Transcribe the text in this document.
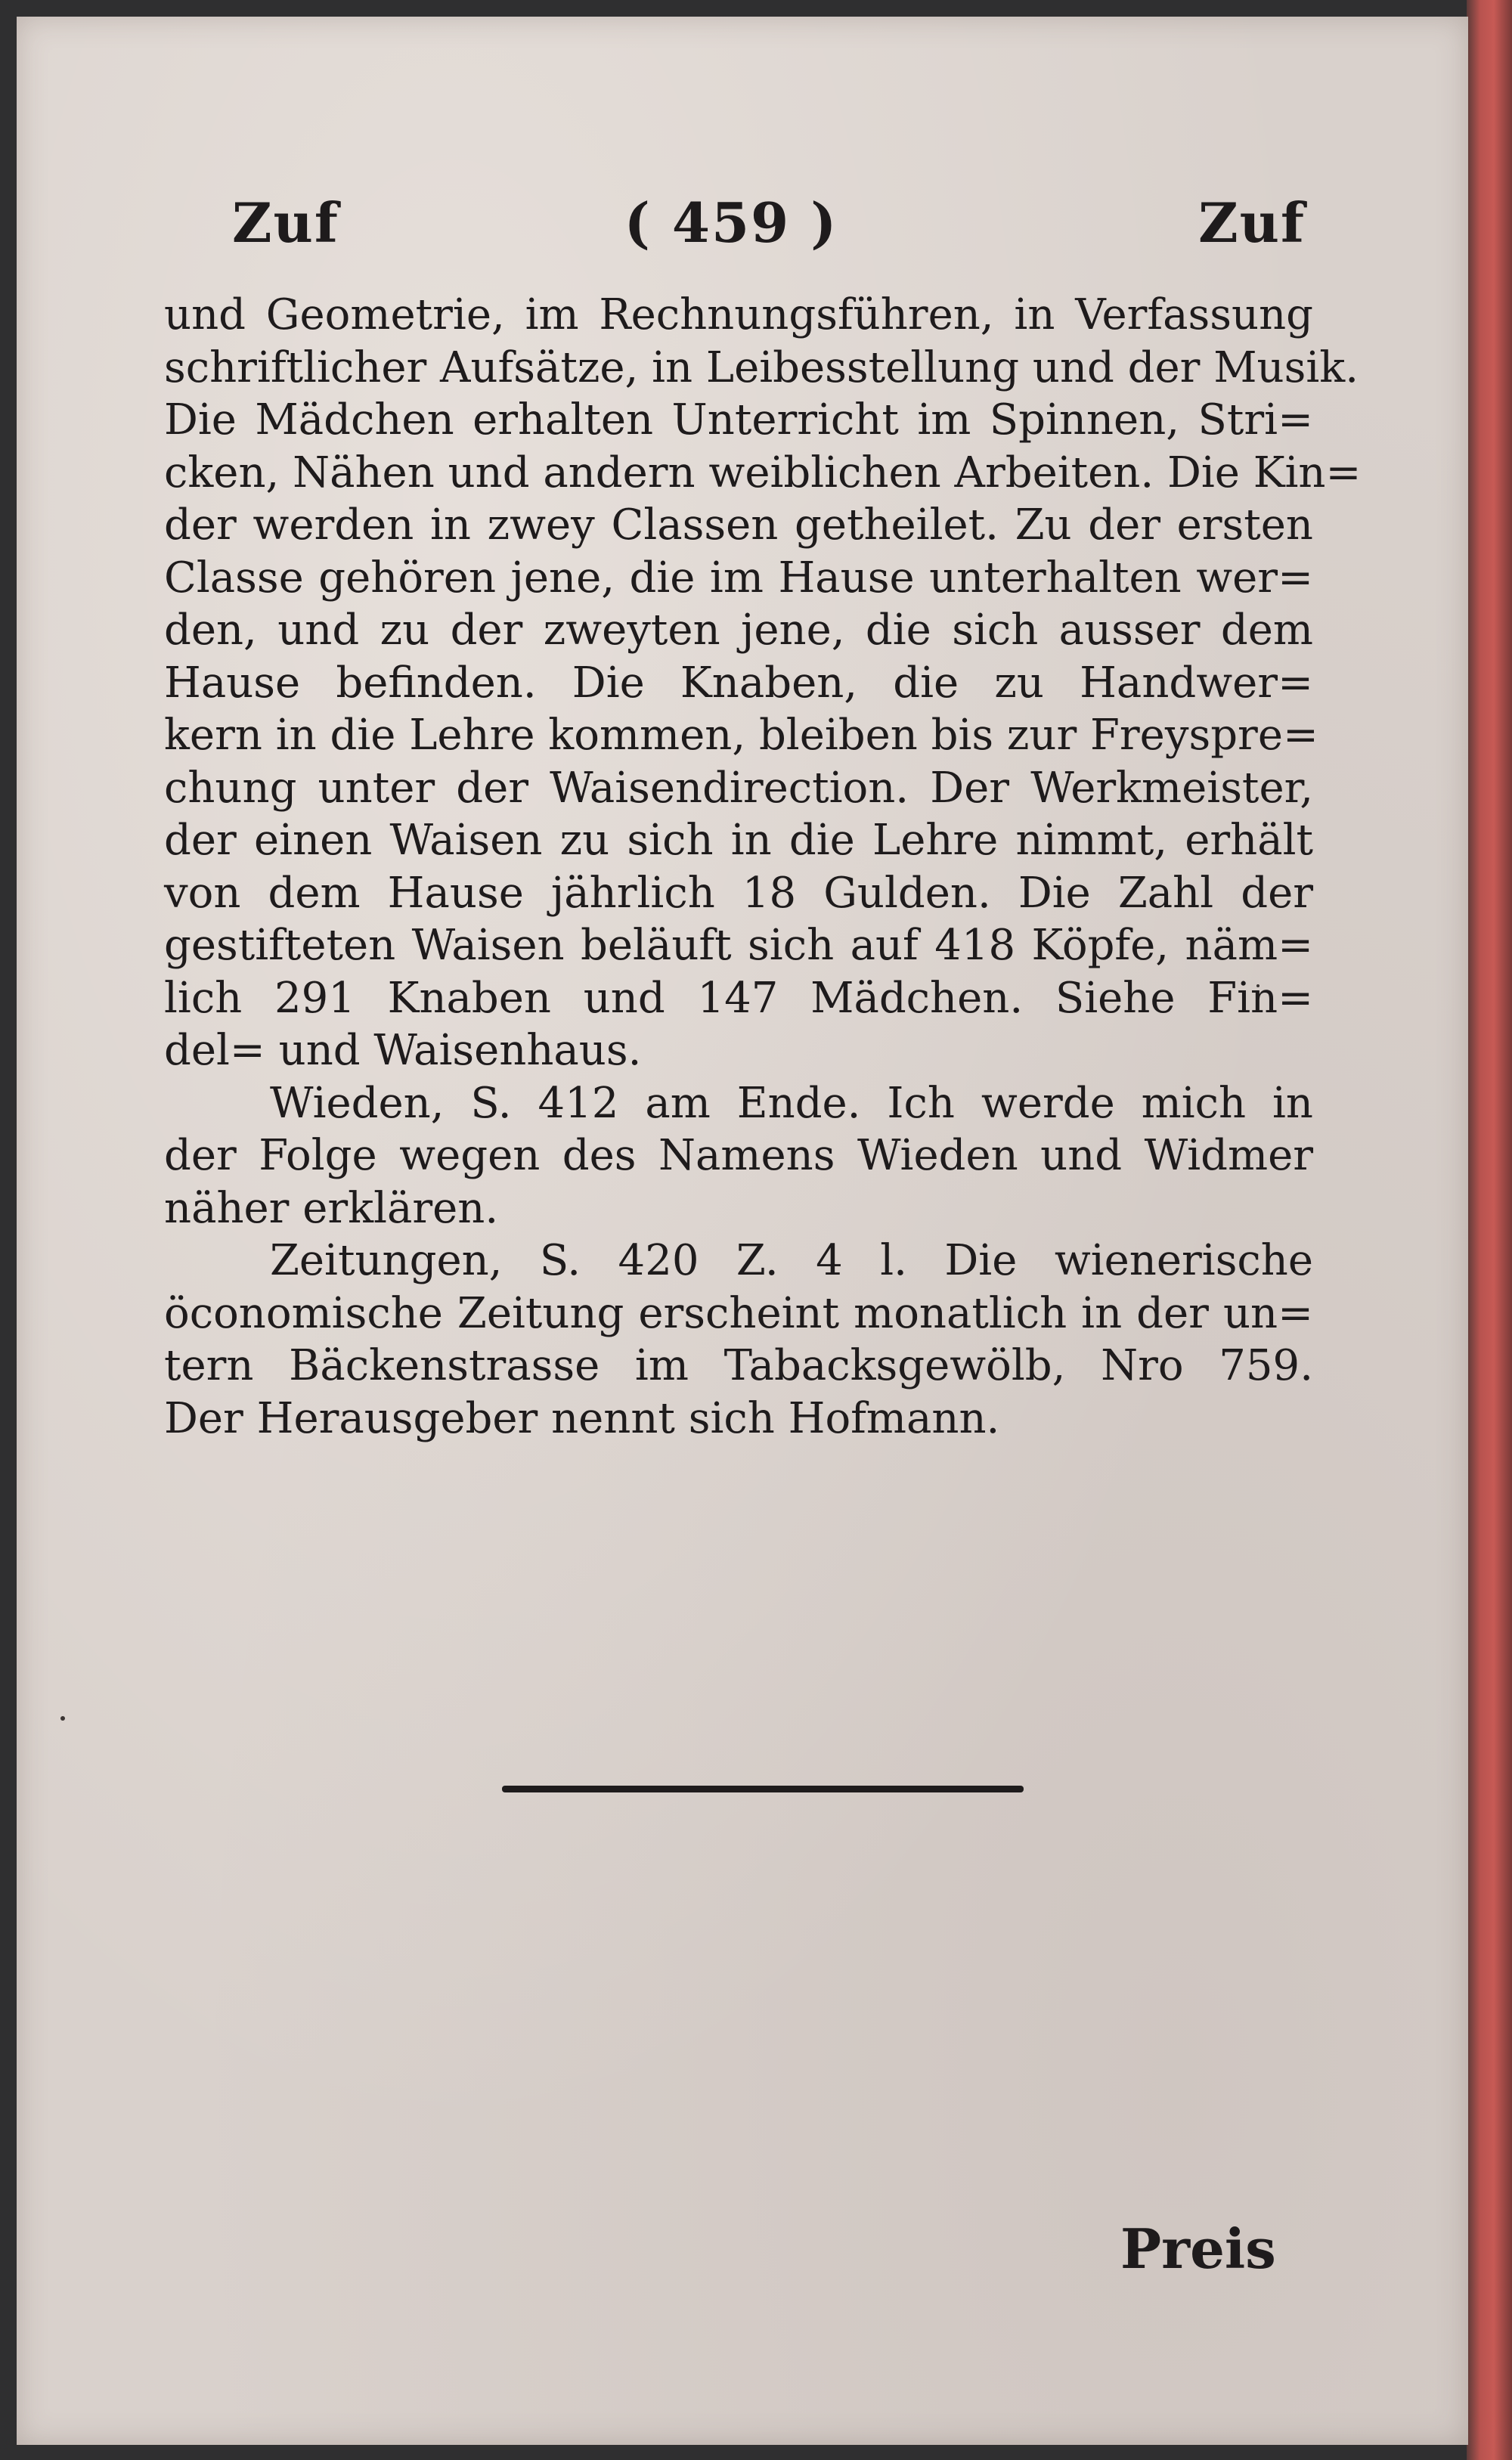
Zuf	( 459 )	Zuf

und Geometrie, im Rechnungsführen, in Verfassung
schriftlicher Aufsätze, in Leibesstellung und der Musik.
Die Mädchen erhalten Unterricht im Spinnen, Stri=
cken, Nähen und andern weiblichen Arbeiten. Die Kin=
der werden in zwey Classen getheilet. Zu der ersten
Classe gehören jene, die im Hause unterhalten wer=
den, und zu der zweyten jene, die sich ausser dem
Hause befinden. Die Knaben, die zu Handwer=
kern in die Lehre kommen, bleiben bis zur Freyspre=
chung unter der Waisendirection. Der Werkmeister,
der einen Waisen zu sich in die Lehre nimmt, erhält
von dem Hause jährlich 18 Gulden. Die Zahl der
gestifteten Waisen beläuft sich auf 418 Köpfe, näm=
lich 291 Knaben und 147 Mädchen. Siehe Fin=
del= und Waisenhaus.

Wieden, S. 412 am Ende. Ich werde mich in
der Folge wegen des Namens Wieden und Widmer
näher erklären.

Zeitungen, S. 420 Z. 4 l. Die wienerische
öconomische Zeitung erscheint monatlich in der un=
tern Bäckenstrasse im Tabacksgewölb, Nro 759.
Der Herausgeber nennt sich Hofmann.

Preis
